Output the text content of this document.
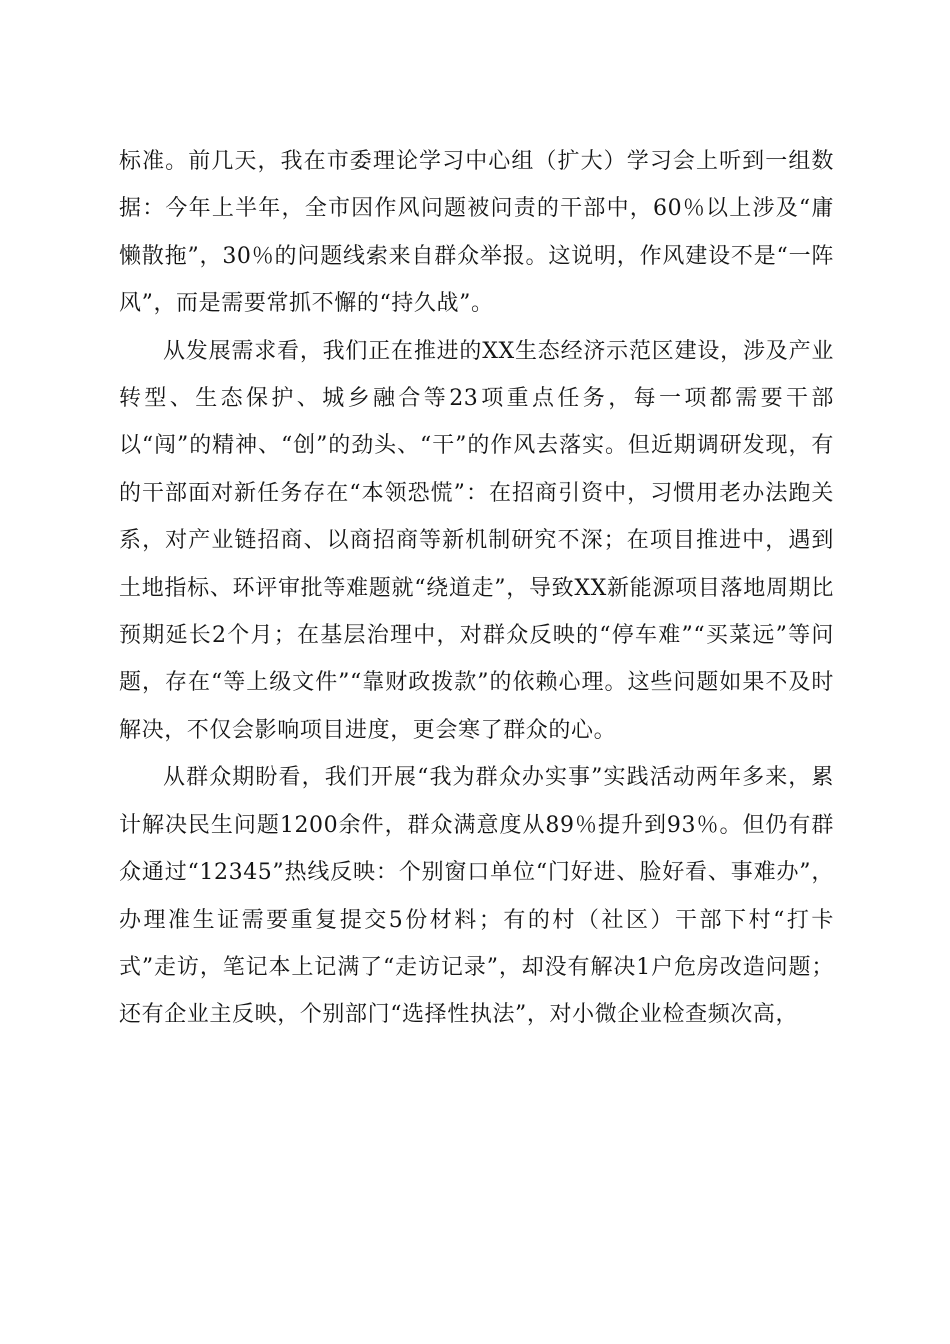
标准。前几天，我在市委理论学习中心组（扩大）学习会上听到一组数据：今年上半年，全市因作风问题被问责的干部中，60％以上涉及“庸懒散拖”，30％的问题线索来自群众举报。这说明，作风建设不是“一阵风”，而是需要常抓不懈的“持久战”。

从发展需求看，我们正在推进的XX生态经济示范区建设，涉及产业转型、生态保护、城乡融合等23项重点任务，每一项都需要干部以“闯”的精神、“创”的劲头、“干”的作风去落实。但近期调研发现，有的干部面对新任务存在“本领恐慌”：在招商引资中，习惯用老办法跑关系，对产业链招商、以商招商等新机制研究不深；在项目推进中，遇到土地指标、环评审批等难题就“绕道走”，导致XX新能源项目落地周期比预期延长2个月；在基层治理中，对群众反映的“停车难”“买菜远”等问题，存在“等上级文件”“靠财政拨款”的依赖心理。这些问题如果不及时解决，不仅会影响项目进度，更会寒了群众的心。

从群众期盼看，我们开展“我为群众办实事”实践活动两年多来，累计解决民生问题1200余件，群众满意度从89％提升到93％。但仍有群众通过“12345”热线反映：个别窗口单位“门好进、脸好看、事难办”，办理准生证需要重复提交5份材料；有的村（社区）干部下村“打卡式”走访，笔记本上记满了“走访记录”，却没有解决1户危房改造问题；还有企业主反映，个别部门“选择性执法”，对小微企业检查频次高，
